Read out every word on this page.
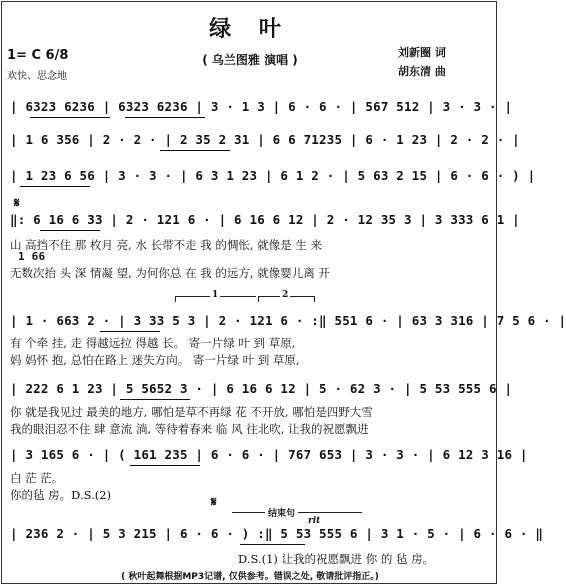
绿 叶
( 乌兰图雅 演唱 )
刘新圈 词
胡东清 曲
1= C 6/8
欢快、思念地
| 6323 6236 | 6323 6236 | 3 · 1 3 | 6 · 6 · | 567 512 | 3 · 3 · |
| 1 6 356 | 2 · 2 · | 2 35 2 31 | 6 6 71235 | 6 · 1 23 | 2 · 2 · |
| 1 23 6 56 | 3 · 3 · | 6 3 1 23 | 6 1 2 · | 5 63 2 15 | 6 · 6 · ) |
𝄋
‖: 6 16 6 33 | 2 · 121 6 · | 6 16 6 12 | 2 · 12 35 3 | 3 333 6 1 |
山 高挡不住 那 枚月 亮, 水 长带不走 我 的惆怅, 就像是 生 来
1 66
无数次抬 头 深 情凝 望, 为何你总 在 我 的远方, 就像婴儿离 开
1	2
| 1 · 663 2 · | 3 33 5 3 | 2 · 121 6 · :‖ 551 6 · | 63 3 316 | 7 5 6 · |
有 个牵 挂, 走 得越远拉 得越 长。 寄一片绿 叶 到 草原,
妈 妈怀 抱, 总怕在路上 迷失方向。 寄一片绿 叶 到 草原,
| 222 6 1 23 | 5 5652 3 · | 6 16 6 12 | 5 · 62 3 · | 5 53 555 6 |
你 就是我见过 最美的地方, 哪怕是草不再绿 花 不开放, 哪怕是四野大雪
我的眼泪忍不住 肆 意流 淌, 等待着春来 临 风 往北吹, 让我的祝愿飘进
| 3 165 6 · | ( 161 235 | 6 · 6 · | 767 653 | 3 · 3 · | 6 12 3 16 |
白 茫 茫。
你的毡 房。D.S.(2)	𝄋
结束句
rit
| 236 2 · | 5 3 215 | 6 · 6 · ) :‖ 5 53 555 6 | 3 1 · 5 · | 6 · 6 · ‖
D.S.(1) 让我的祝愿飘进 你 的 毡 房。
( 秋叶起舞根据MP3记谱, 仅供参考。错误之处, 敬请批评指正。)
